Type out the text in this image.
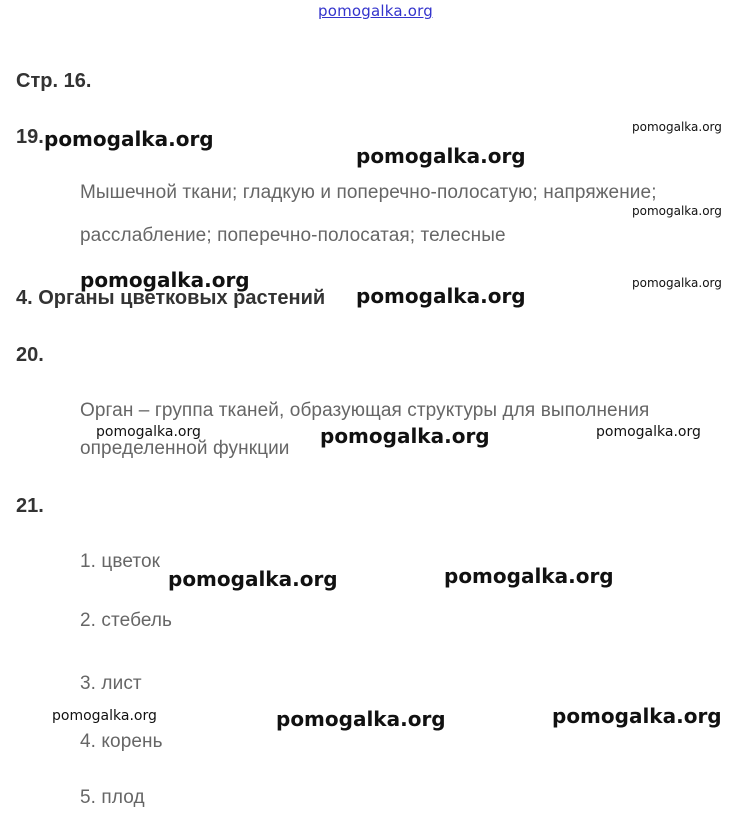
pomogalka.org
Стр. 16.
19.
Мышечной ткани; гладкую и поперечно-полосатую; напряжение;
расслабление; поперечно-полосатая; телесные
4. Органы цветковых растений
20.
Орган – группа тканей, образующая структуры для выполнения
определенной функции
21.
1. цветок
2. стебель
3. лист
4. корень
5. плод
pomogalka.org	pomogalka.org
pomogalka.org
pomogalka.org
pomogalka.org	pomogalka.org
pomogalka.org
pomogalka.org	pomogalka.org	pomogalka.org
pomogalka.org	pomogalka.org
pomogalka.org	pomogalka.org	pomogalka.org
